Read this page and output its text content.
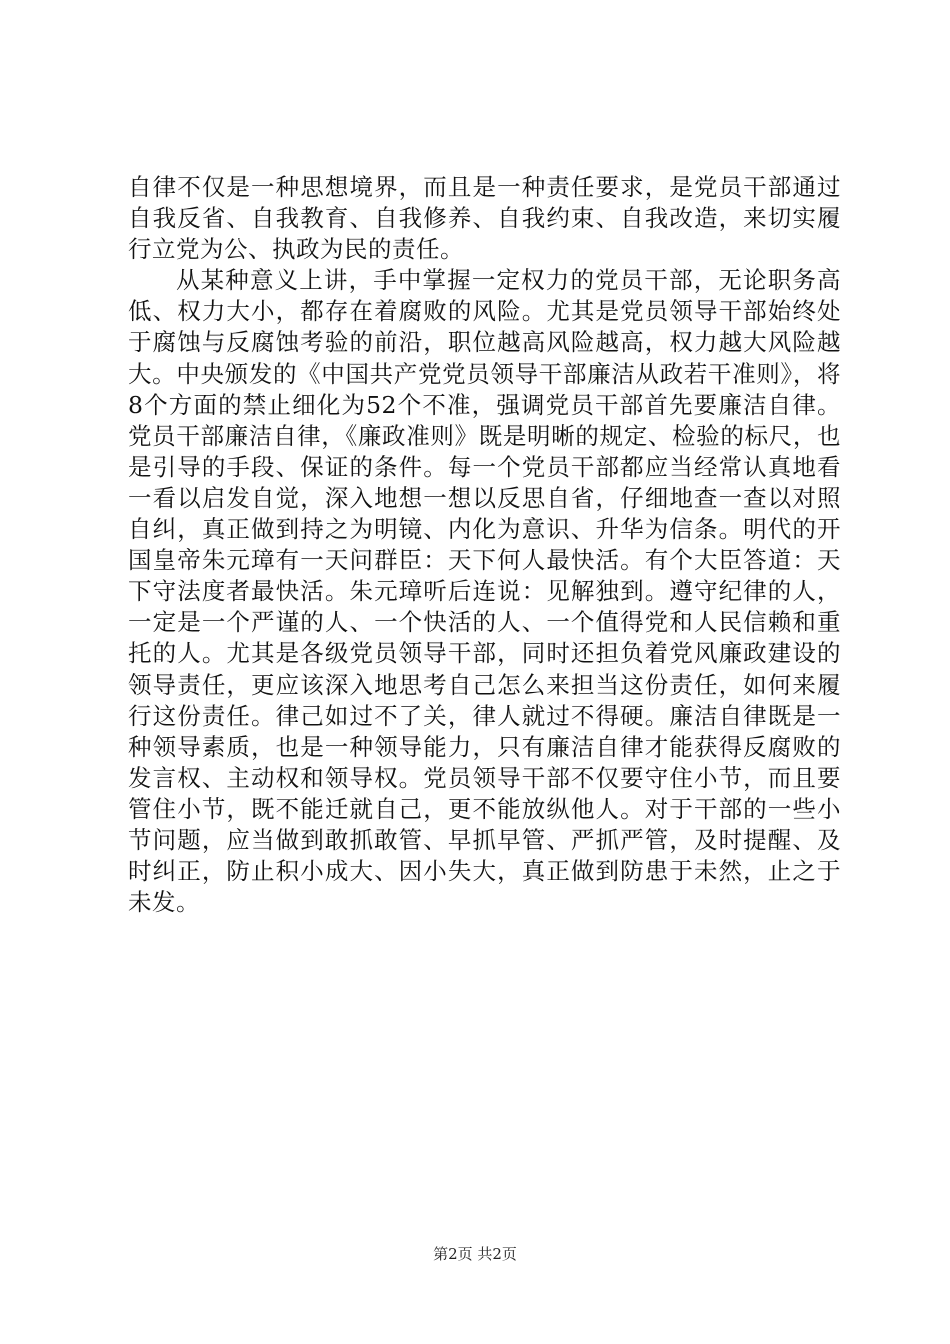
自律不仅是一种思想境界，而且是一种责任要求，是党员干部通过自我反省、自我教育、自我修养、自我约束、自我改造，来切实履行立党为公、执政为民的责任。

从某种意义上讲，手中掌握一定权力的党员干部，无论职务高低、权力大小，都存在着腐败的风险。尤其是党员领导干部始终处于腐蚀与反腐蚀考验的前沿，职位越高风险越高，权力越大风险越大。中央颁发的《中国共产党党员领导干部廉洁从政若干准则》，将8个方面的禁止细化为52个不准，强调党员干部首先要廉洁自律。党员干部廉洁自律，《廉政准则》既是明晰的规定、检验的标尺，也是引导的手段、保证的条件。每一个党员干部都应当经常认真地看一看以启发自觉，深入地想一想以反思自省，仔细地查一查以对照自纠，真正做到持之为明镜、内化为意识、升华为信条。明代的开国皇帝朱元璋有一天问群臣：天下何人最快活。有个大臣答道：天下守法度者最快活。朱元璋听后连说：见解独到。遵守纪律的人，一定是一个严谨的人、一个快活的人、一个值得党和人民信赖和重托的人。尤其是各级党员领导干部，同时还担负着党风廉政建设的领导责任，更应该深入地思考自己怎么来担当这份责任，如何来履行这份责任。律己如过不了关，律人就过不得硬。廉洁自律既是一种领导素质，也是一种领导能力，只有廉洁自律才能获得反腐败的发言权、主动权和领导权。党员领导干部不仅要守住小节，而且要管住小节，既不能迁就自己，更不能放纵他人。对于干部的一些小节问题，应当做到敢抓敢管、早抓早管、严抓严管，及时提醒、及时纠正，防止积小成大、因小失大，真正做到防患于未然，止之于未发。

第2页 共2页
